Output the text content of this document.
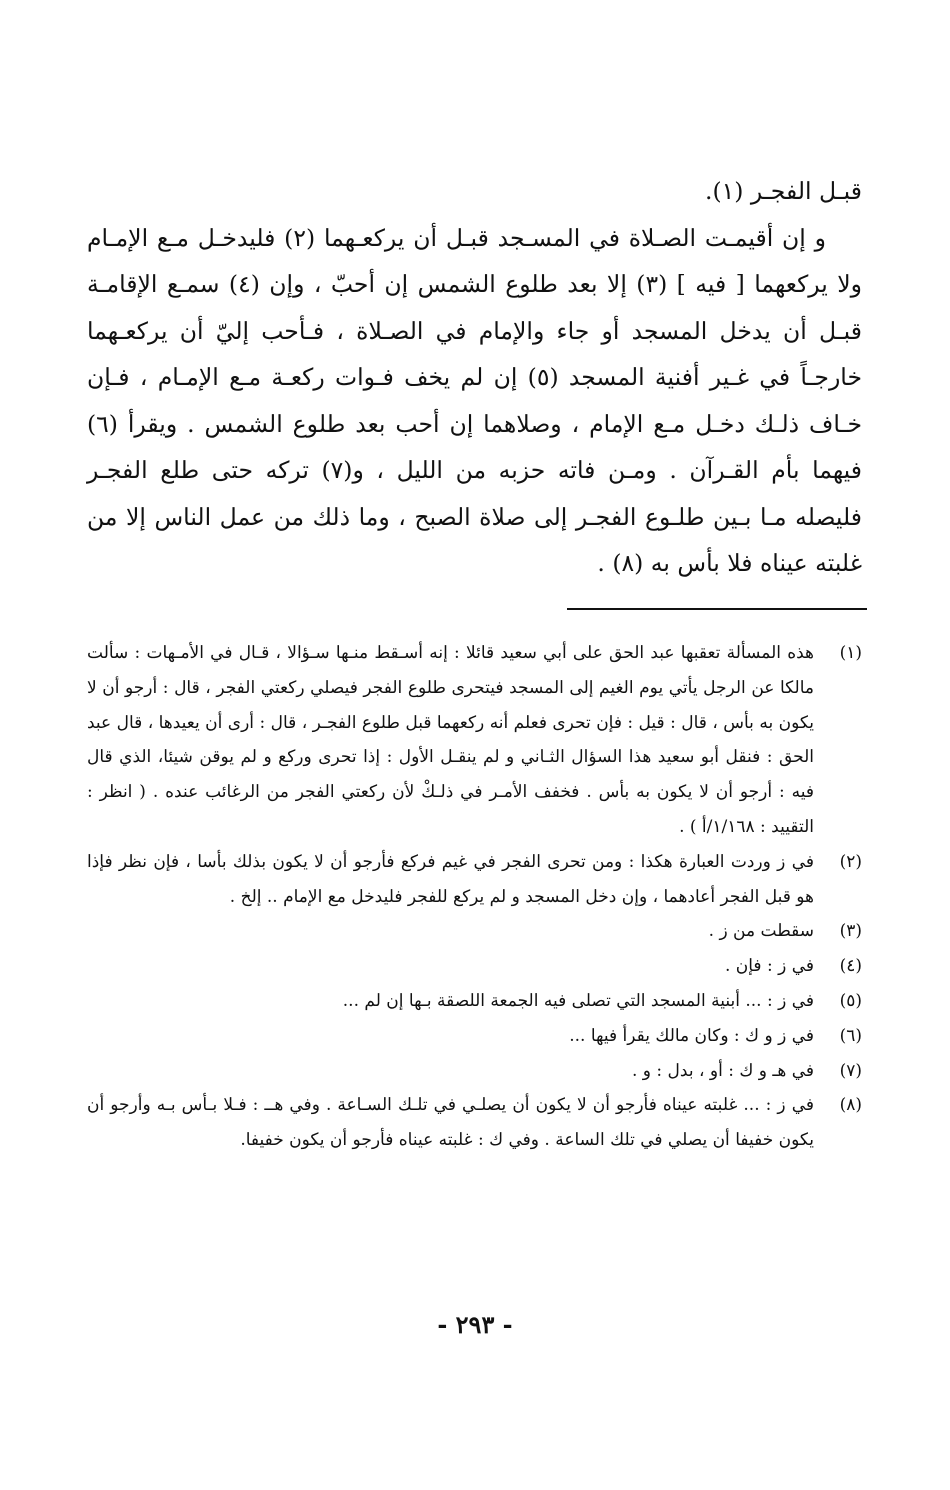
قبـل الفجـر (١).

و إن أقيمـت الصـلاة في المسـجد قبـل أن يركعـهما (٢) فليدخـل مـع الإمـام ولا يركعهما [ فيه ] (٣) إلا بعد طلوع الشمس إن أحبّ ، وإن (٤) سمـع الإقامـة قبـل أن يدخل المسجد أو جاء والإمام في الصـلاة ، فـأحب إليّ أن يركعـهما خارجـاً في غـير أفنية المسجد (٥) إن لم يخف فـوات ركعـة مـع الإمـام ، فـإن خـاف ذلـك دخـل مـع الإمام ، وصلاهما إن أحب بعد طلوع الشمس . ويقرأ (٦) فيهما بأم القـرآن . ومـن فاته حزبه من الليل ، و(٧) تركه حتى طلع الفجـر فليصله مـا بـين طلـوع الفجـر إلى صلاة الصبح ، وما ذلك من عمل الناس إلا من غلبته عيناه فلا بأس به (٨) .

(١)
هذه المسألة تعقبها عبد الحق على أبي سعيد قائلا : إنه أسـقط منـها سـؤالا ، قـال في الأمـهات : سألت مالكا عن الرجل يأتي يوم الغيم إلى المسجد فيتحرى طلوع الفجر فيصلي ركعتي الفجر ، قال : أرجو أن لا يكون به بأس ، قال : قيل : فإن تحرى فعلم أنه ركعهما قبل طلوع الفجـر ، قال : أرى أن يعيدها ، قال عبد الحق : فنقل أبو سعيد هذا السؤال الثـاني و لم ينقـل الأول : إذا تحرى وركع و لم يوقن شيئا، الذي قال فيه : أرجو أن لا يكون به بأس . فخفف الأمـر في ذلـكْ لأن ركعتي الفجر من الرغائب عنده . ( انظر : التقييد : ١/١٦٨/أ ) .
(٢)
في ز وردت العبارة هكذا : ومن تحرى الفجر في غيم فركع فأرجو أن لا يكون بذلك بأسا ، فإن نظر فإذا هو قبل الفجر أعادهما ، وإن دخل المسجد و لم يركع للفجر فليدخل مع الإمام .. إلخ .
(٣)
سقطت من ز .
(٤)
في ز : فإن .
(٥)
في ز : ... أبنية المسجد التي تصلى فيه الجمعة اللصقة بـها إن لم ...
(٦)
في ز و ك : وكان مالك يقرأ فيها ...
(٧)
في هـ و ك : أو ، بدل : و .
(٨)
في ز : ... غلبته عيناه فأرجو أن لا يكون أن يصلـي في تلـك السـاعة . وفي هــ : فـلا بـأس بـه وأرجو أن يكون خفيفا أن يصلي في تلك الساعة . وفي ك : غلبته عيناه فأرجو أن يكون خفيفا.
- ٢٩٣ -
